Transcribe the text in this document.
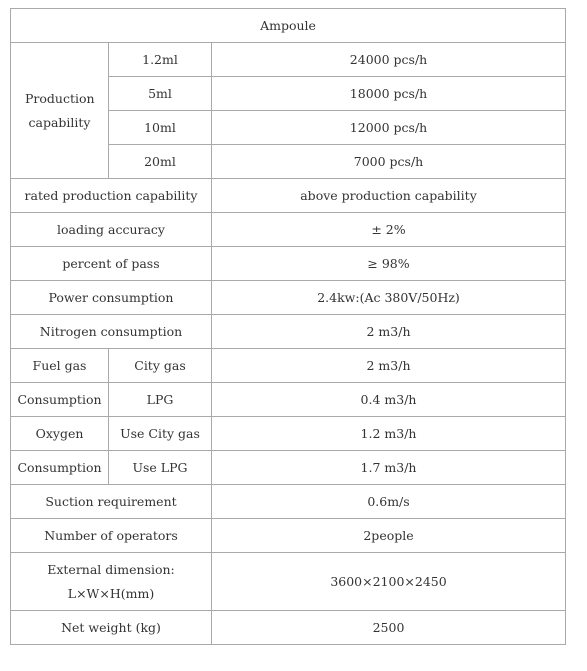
Ampoule		
Production capability	1.2ml	24000 pcs/h
	5ml	18000 pcs/h
	10ml	12000 pcs/h
	20ml	7000 pcs/h
rated production capability		above production capability
loading accuracy		± 2%
percent of pass		≥ 98%
Power consumption		2.4kw:(Ac 380V/50Hz)
Nitrogen consumption		2 m3/h
Fuel gas	City gas	2 m3/h
Consumption	LPG	0.4 m3/h
Oxygen	Use City gas	1.2 m3/h
Consumption	Use LPG	1.7 m3/h
Suction requirement		0.6m/s
Number of operators		2people
External dimension:
L×W×H(mm)		3600×2100×2450
Net weight (kg)		2500
